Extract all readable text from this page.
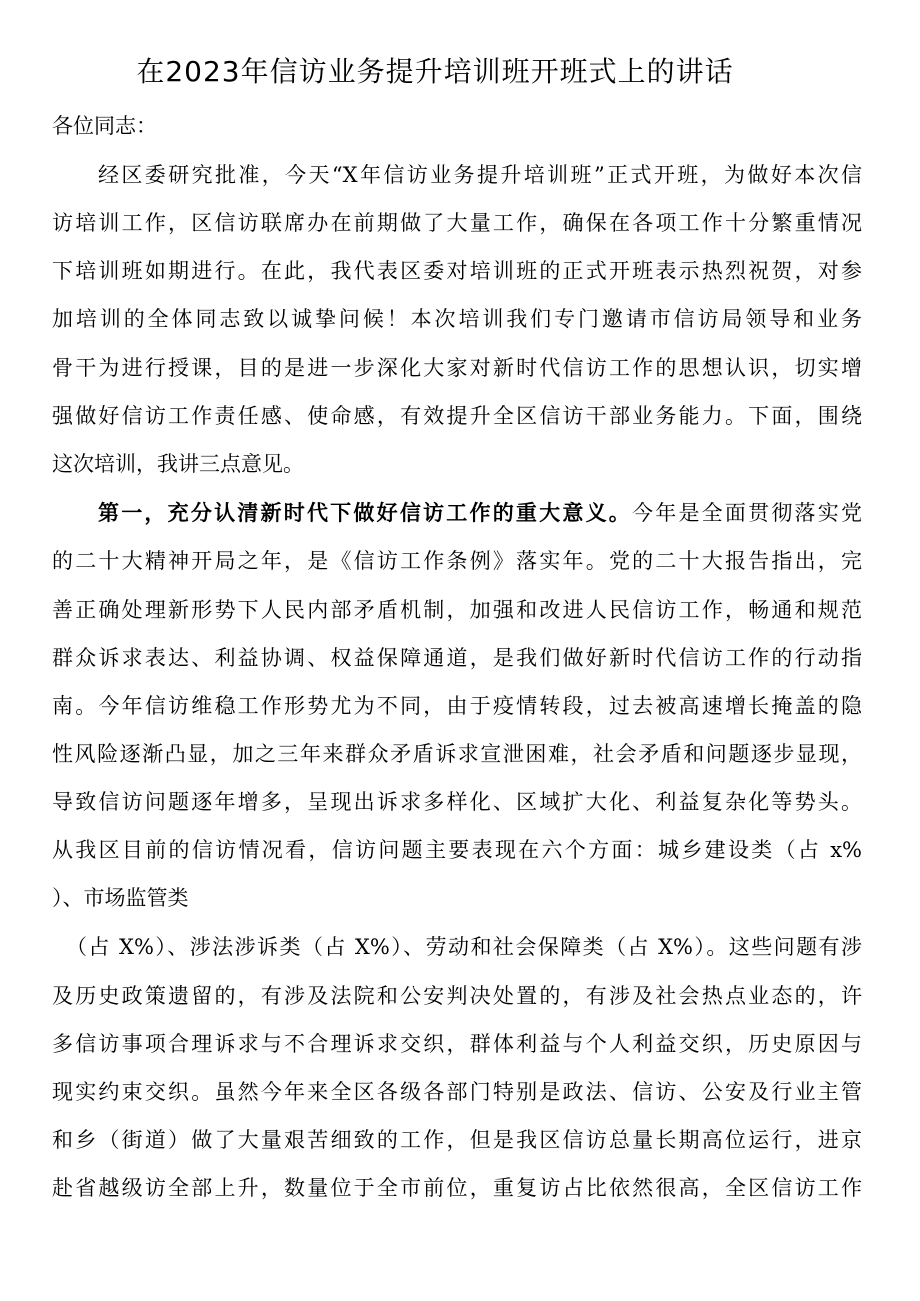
在2023年信访业务提升培训班开班式上的讲话
各位同志：
经区委研究批准，今天“X年信访业务提升培训班”正式开班，为做好本次信
访培训工作，区信访联席办在前期做了大量工作，确保在各项工作十分繁重情况
下培训班如期进行。在此，我代表区委对培训班的正式开班表示热烈祝贺，对参
加培训的全体同志致以诚挚问候！本次培训我们专门邀请市信访局领导和业务
骨干为进行授课，目的是进一步深化大家对新时代信访工作的思想认识，切实增
强做好信访工作责任感、使命感，有效提升全区信访干部业务能力。下面，围绕
这次培训，我讲三点意见。
第一，充分认清新时代下做好信访工作的重大意义。今年是全面贯彻落实党
的二十大精神开局之年，是《信访工作条例》落实年。党的二十大报告指出，完
善正确处理新形势下人民内部矛盾机制，加强和改进人民信访工作，畅通和规范
群众诉求表达、利益协调、权益保障通道，是我们做好新时代信访工作的行动指
南。今年信访维稳工作形势尤为不同，由于疫情转段，过去被高速增长掩盖的隐
性风险逐渐凸显，加之三年来群众矛盾诉求宣泄困难，社会矛盾和问题逐步显现，
导致信访问题逐年增多，呈现出诉求多样化、区域扩大化、利益复杂化等势头。
从我区目前的信访情况看，信访问题主要表现在六个方面：城乡建设类（占 x%
）、市场监管类
（占 X%）、涉法涉诉类（占 X%）、劳动和社会保障类（占 X%）。这些问题有涉
及历史政策遗留的，有涉及法院和公安判决处置的，有涉及社会热点业态的，许
多信访事项合理诉求与不合理诉求交织，群体利益与个人利益交织，历史原因与
现实约束交织。虽然今年来全区各级各部门特别是政法、信访、公安及行业主管
和乡（街道）做了大量艰苦细致的工作，但是我区信访总量长期高位运行，进京
赴省越级访全部上升，数量位于全市前位，重复访占比依然很高，全区信访工作
